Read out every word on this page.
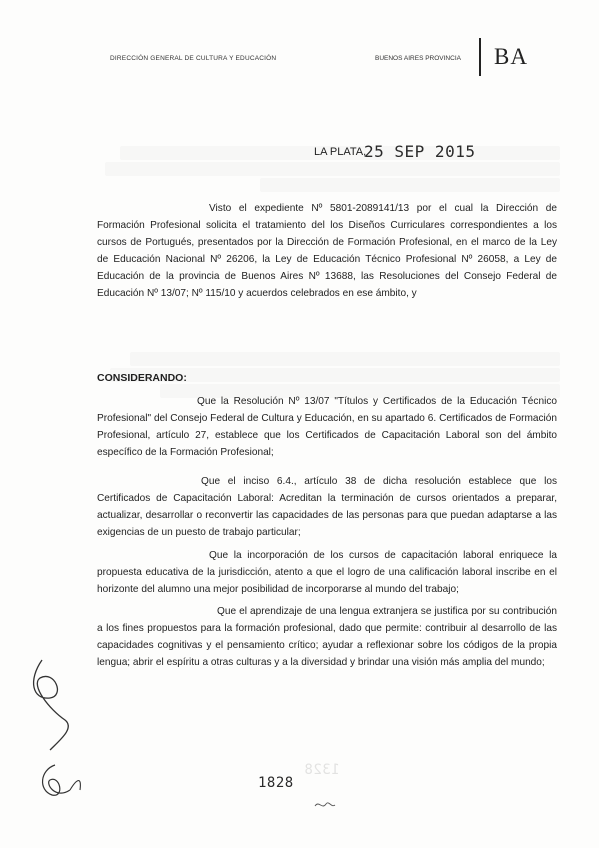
DIRECCIÓN GENERAL DE CULTURA Y EDUCACIÓN	BUENOS AIRES PROVINCIA BA
LA PLATA,
25 SEP 2015
Visto el expediente Nº 5801-2089141/13 por el cual la Dirección de Formación Profesional solicita el tratamiento del los Diseños Curriculares correspondientes a los cursos de Portugués, presentados por la Dirección de Formación Profesional, en el marco de la Ley de Educación Nacional Nº 26206, la Ley de Educación Técnico Profesional Nº 26058, a Ley de Educación de la provincia de Buenos Aires Nº 13688, las Resoluciones del Consejo Federal de Educación Nº 13/07; Nº 115/10 y acuerdos celebrados en ese ámbito, y
CONSIDERANDO:
Que la Resolución Nº 13/07 "Títulos y Certificados de la Educación Técnico Profesional" del Consejo Federal de Cultura y Educación, en su apartado 6. Certificados de Formación Profesional, artículo 27, establece que los Certificados de Capacitación Laboral son del ámbito específico de la Formación Profesional;
Que el inciso 6.4., artículo 38 de dicha resolución establece que los Certificados de Capacitación Laboral: Acreditan la terminación de cursos orientados a preparar, actualizar, desarrollar o reconvertir las capacidades de las personas para que puedan adaptarse a las exigencias de un puesto de trabajo particular;
Que la incorporación de los cursos de capacitación laboral enriquece la propuesta educativa de la jurisdicción, atento a que el logro de una calificación laboral inscribe en el horizonte del alumno una mejor posibilidad de incorporarse al mundo del trabajo;
Que el aprendizaje de una lengua extranjera se justifica por su contribución a los fines propuestos para la formación profesional, dado que permite: contribuir al desarrollo de las capacidades cognitivas y el pensamiento crítico; ayudar a reflexionar sobre los códigos de la propia lengua; abrir el espíritu a otras culturas y a la diversidad y brindar una visión más amplia del mundo;
1328
1828
